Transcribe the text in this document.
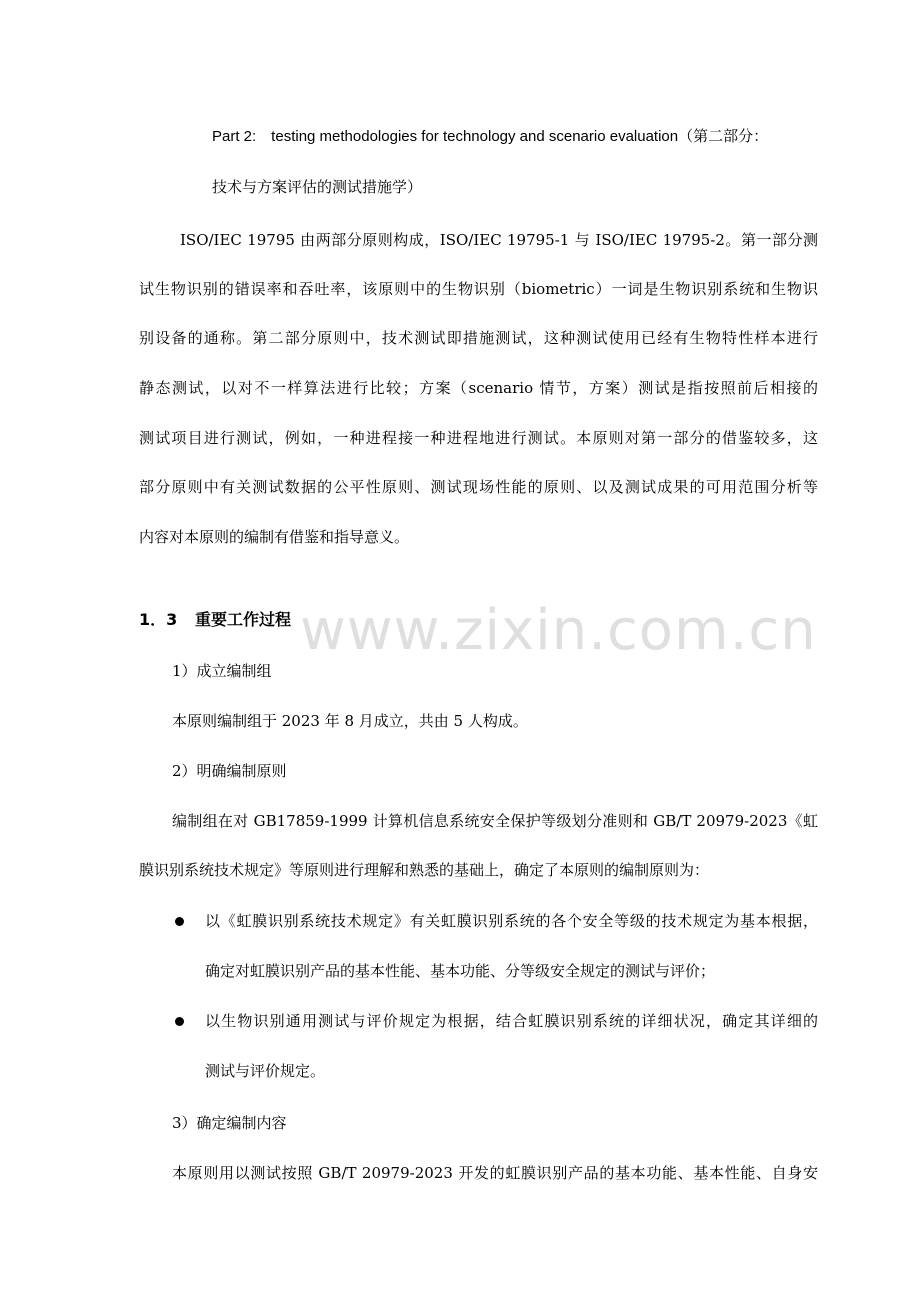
Part 2:　testing methodologies for technology and scenario evaluation（第二部分：
技术与方案评估的测试措施学）
ISO/IEC 19795 由两部分原则构成，ISO/IEC 19795-1 与 ISO/IEC 19795-2。第一部分测
试生物识别的错误率和吞吐率，该原则中的生物识别（biometric）一词是生物识别系统和生物识
别设备的通称。第二部分原则中，技术测试即措施测试，这种测试使用已经有生物特性样本进行
静态测试，以对不一样算法进行比较；方案（scenario 情节，方案）测试是指按照前后相接的
测试项目进行测试，例如，一种进程接一种进程地进行测试。本原则对第一部分的借鉴较多，这
部分原则中有关测试数据的公平性原则、测试现场性能的原则、以及测试成果的可用范围分析等
内容对本原则的编制有借鉴和指导意义。
1．3 重要工作过程
1）成立编制组
本原则编制组于 2023 年 8 月成立，共由 5 人构成。
2）明确编制原则
编制组在对 GB17859-1999 计算机信息系统安全保护等级划分准则和 GB/T 20979-2023《虹
膜识别系统技术规定》等原则进行理解和熟悉的基础上，确定了本原则的编制原则为：
以《虹膜识别系统技术规定》有关虹膜识别系统的各个安全等级的技术规定为基本根据，
确定对虹膜识别产品的基本性能、基本功能、分等级安全规定的测试与评价；
以生物识别通用测试与评价规定为根据，结合虹膜识别系统的详细状况，确定其详细的
测试与评价规定。
3）确定编制内容
本原则用以测试按照 GB/T 20979-2023 开发的虹膜识别产品的基本功能、基本性能、自身安
www.zixin.com.cn
